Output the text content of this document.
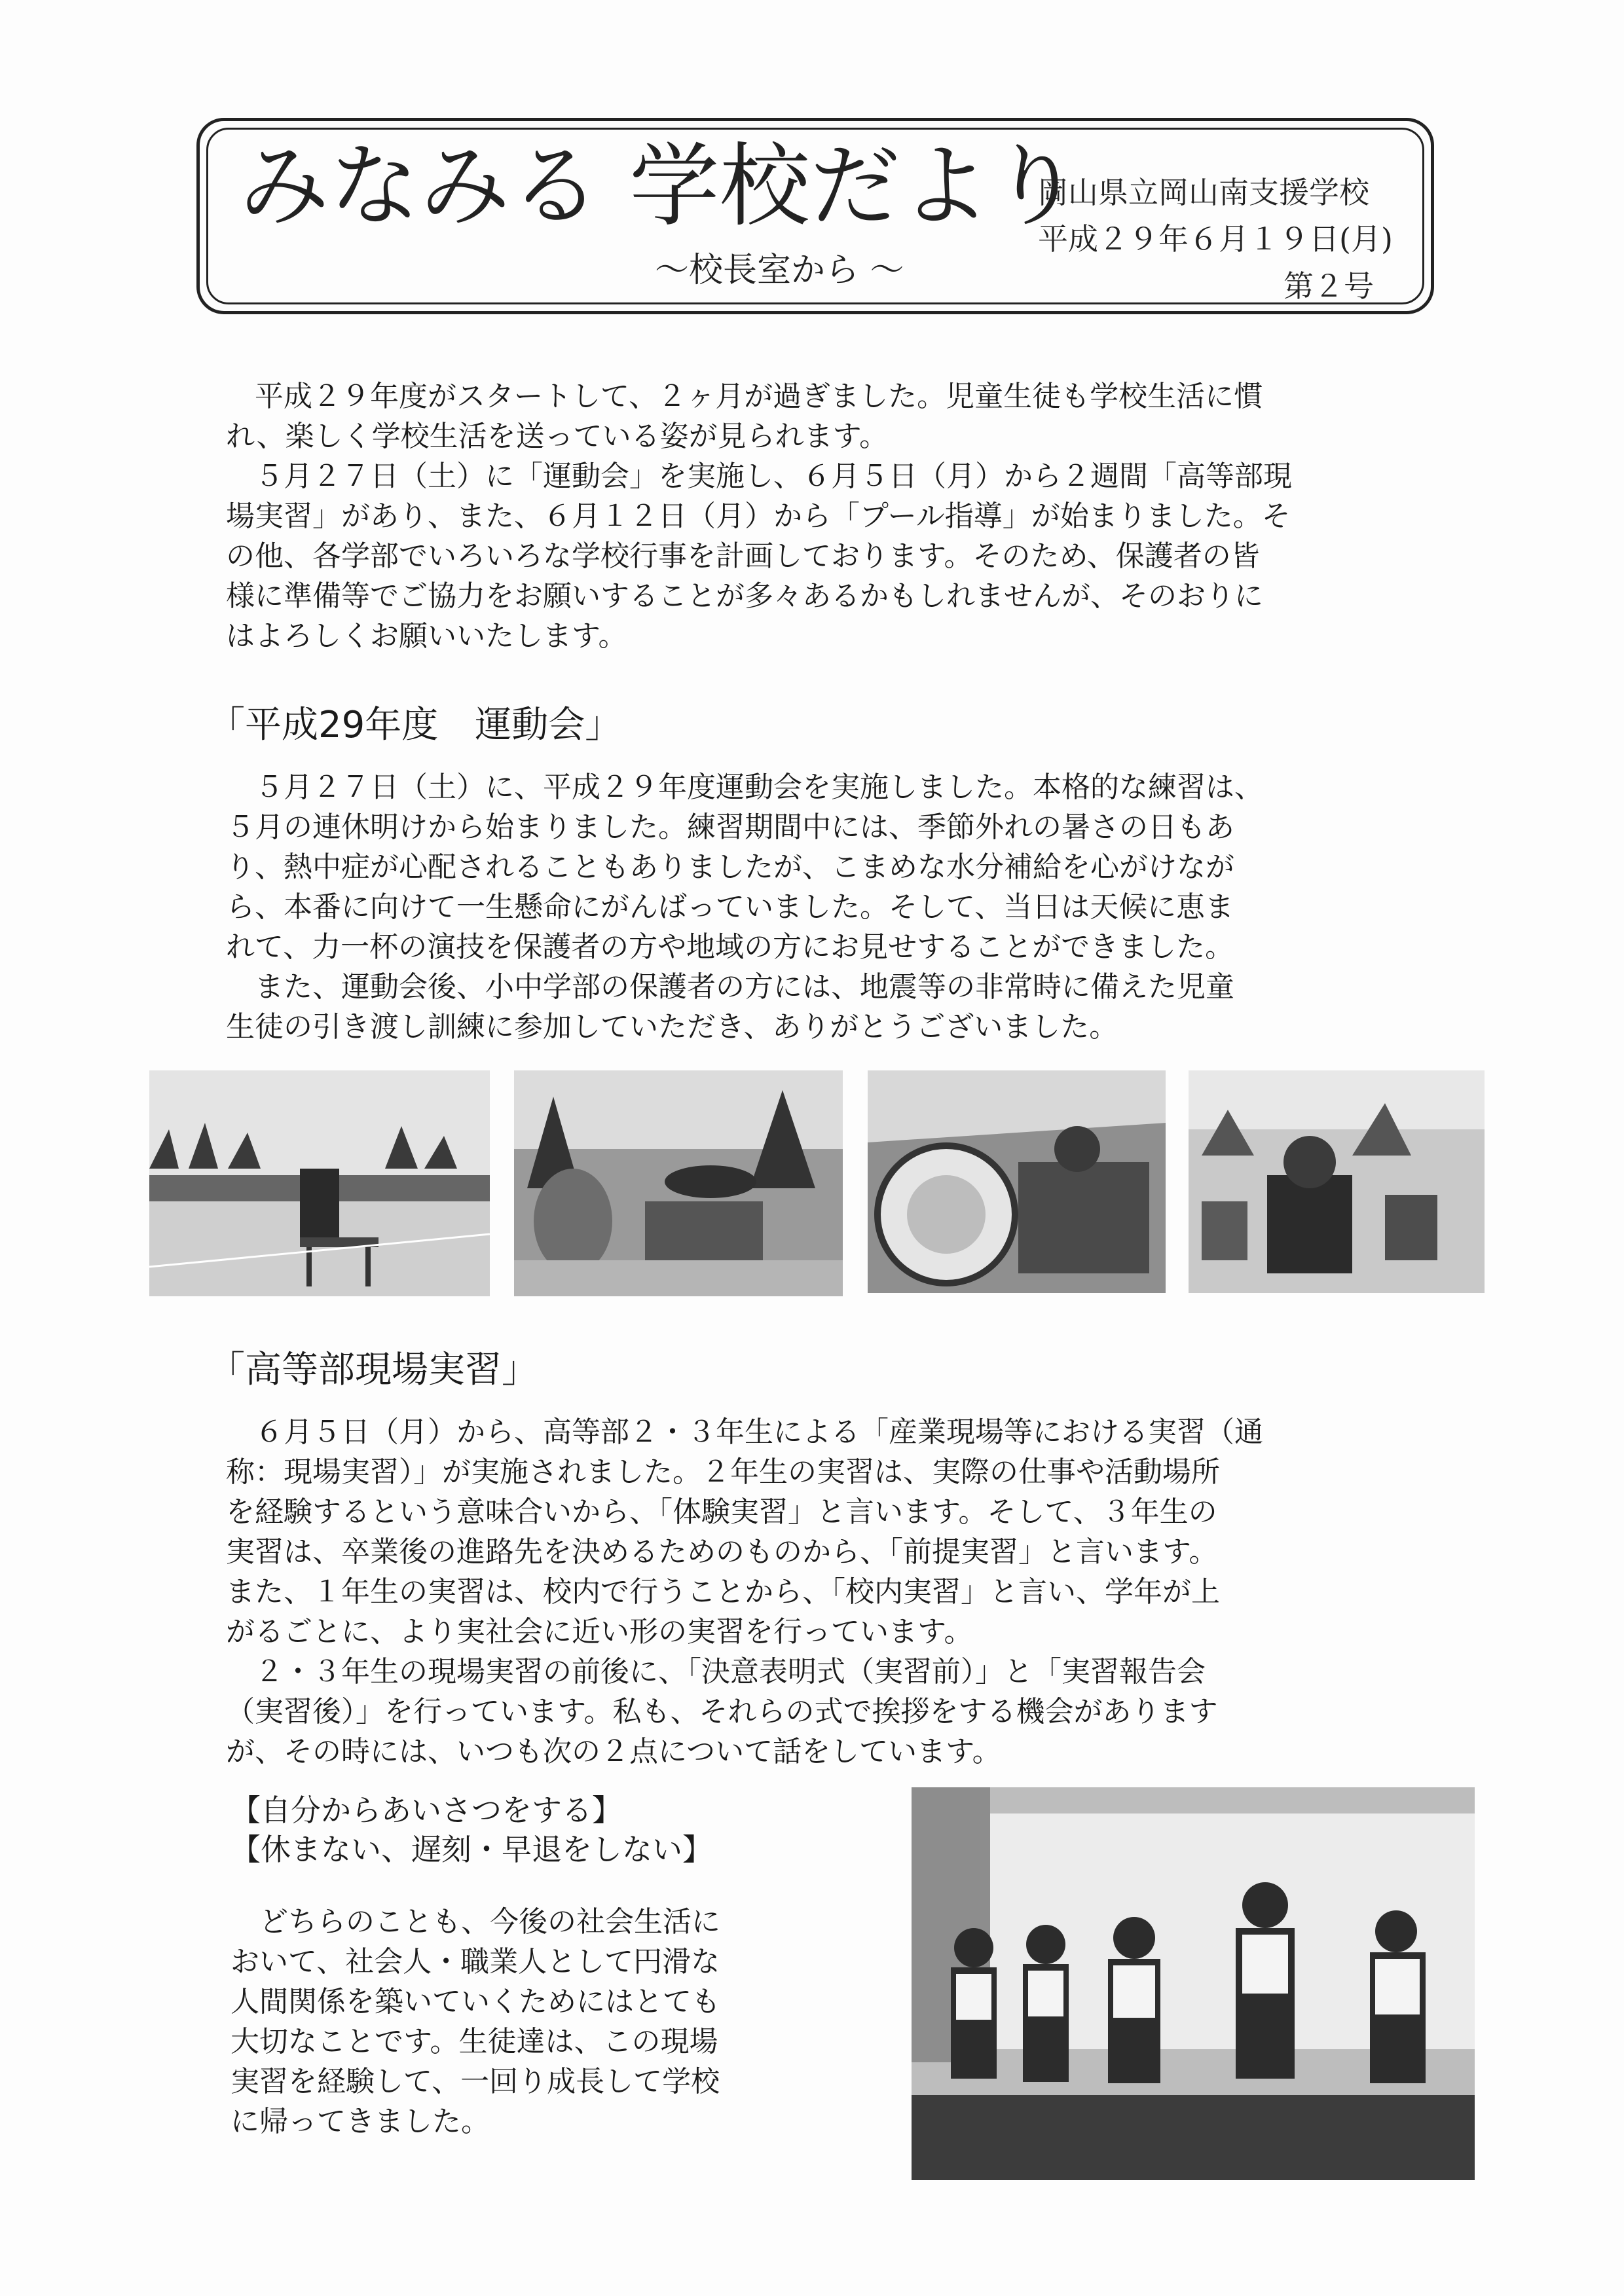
みなみる 学校だより
～校長室から ～
岡山県立岡山南支援学校
平成２９年６月１９日(月)
第２号
　平成２９年度がスタートして、２ヶ月が過ぎました。児童生徒も学校生活に慣
れ、楽しく学校生活を送っている姿が見られます。
　５月２７日（土）に「運動会」を実施し、６月５日（月）から２週間「高等部現
場実習」があり、また、６月１２日（月）から「プール指導」が始まりました。そ
の他、各学部でいろいろな学校行事を計画しております。そのため、保護者の皆
様に準備等でご協力をお願いすることが多々あるかもしれませんが、そのおりに
はよろしくお願いいたします。
「平成29年度　運動会」
　５月２７日（土）に、平成２９年度運動会を実施しました。本格的な練習は、
５月の連休明けから始まりました。練習期間中には、季節外れの暑さの日もあ
り、熱中症が心配されることもありましたが、こまめな水分補給を心がけなが
ら、本番に向けて一生懸命にがんばっていました。そして、当日は天候に恵ま
れて、力一杯の演技を保護者の方や地域の方にお見せすることができました。
　また、運動会後、小中学部の保護者の方には、地震等の非常時に備えた児童
生徒の引き渡し訓練に参加していただき、ありがとうございました。
「高等部現場実習」
　６月５日（月）から、高等部２・３年生による「産業現場等における実習（通
称：現場実習）」が実施されました。２年生の実習は、実際の仕事や活動場所
を経験するという意味合いから、「体験実習」と言います。そして、３年生の
実習は、卒業後の進路先を決めるためのものから、「前提実習」と言います。
また、１年生の実習は、校内で行うことから、「校内実習」と言い、学年が上
がるごとに、より実社会に近い形の実習を行っています。
　２・３年生の現場実習の前後に、「決意表明式（実習前）」と「実習報告会
（実習後）」を行っています。私も、それらの式で挨拶をする機会があります
が、その時には、いつも次の２点について話をしています。
【自分からあいさつをする】
【休まない、遅刻・早退をしない】
　どちらのことも、今後の社会生活に
おいて、社会人・職業人として円滑な
人間関係を築いていくためにはとても
大切なことです。生徒達は、この現場
実習を経験して、一回り成長して学校
に帰ってきました。
